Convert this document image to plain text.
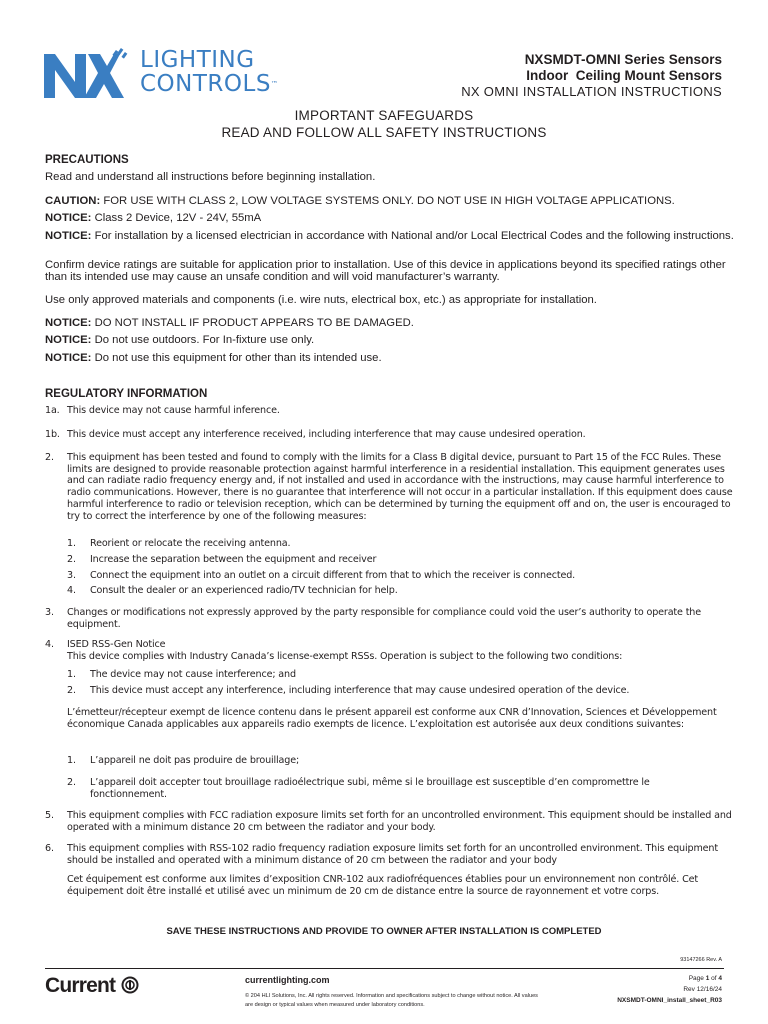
LIGHTING
CONTROLS™
NXSMDT-OMNI Series Sensors
Indoor  Ceiling Mount Sensors
NX OMNI INSTALLATION INSTRUCTIONS
IMPORTANT SAFEGUARDS
READ AND FOLLOW ALL SAFETY INSTRUCTIONS
PRECAUTIONS
Read and understand all instructions before beginning installation.
CAUTION: FOR USE WITH CLASS 2, LOW VOLTAGE SYSTEMS ONLY. DO NOT USE IN HIGH VOLTAGE APPLICATIONS.
NOTICE: Class 2 Device, 12V - 24V, 55mA
NOTICE: For installation by a licensed electrician in accordance with National and/or Local Electrical Codes and the following instructions.
Confirm device ratings are suitable for application prior to installation. Use of this device in applications beyond its specified ratings other than its intended use may cause an unsafe condition and will void manufacturer’s warranty.
Use only approved materials and components (i.e. wire nuts, electrical box, etc.) as appropriate for installation.
NOTICE: DO NOT INSTALL IF PRODUCT APPEARS TO BE DAMAGED.
NOTICE: Do not use outdoors. For In-fixture use only.
NOTICE: Do not use this equipment for other than its intended use.
REGULATORY INFORMATION
1a. This device may not cause harmful inference.
1b. This device must accept any interference received, including interference that may cause undesired operation.
2. This equipment has been tested and found to comply with the limits for a Class B digital device, pursuant to Part 15 of the FCC Rules. These limits are designed to provide reasonable protection against harmful interference in a residential installation. This equipment generates uses and can radiate radio frequency energy and, if not installed and used in accordance with the instructions, may cause harmful interference to radio communications. However, there is no guarantee that interference will not occur in a particular installation. If this equipment does cause harmful interference to radio or television reception, which can be determined by turning the equipment off and on, the user is encouraged to try to correct the interference by one of the following measures:
1. Reorient or relocate the receiving antenna.
2. Increase the separation between the equipment and receiver
3. Connect the equipment into an outlet on a circuit different from that to which the receiver is connected.
4. Consult the dealer or an experienced radio/TV technician for help.
3. Changes or modifications not expressly approved by the party responsible for compliance could void the user’s authority to operate the equipment.
4. ISED RSS-Gen Notice
This device complies with Industry Canada’s license-exempt RSSs. Operation is subject to the following two conditions:
1. The device may not cause interference; and
2. This device must accept any interference, including interference that may cause undesired operation of the device.
L’émetteur/récepteur exempt de licence contenu dans le présent appareil est conforme aux CNR d’Innovation, Sciences et Développement économique Canada applicables aux appareils radio exempts de licence. L’exploitation est autorisée aux deux conditions suivantes:
1. L’appareil ne doit pas produire de brouillage;
2. L’appareil doit accepter tout brouillage radioélectrique subi, même si le brouillage est susceptible d’en compromettre le fonctionnement.
5. This equipment complies with FCC radiation exposure limits set forth for an uncontrolled environment. This equipment should be installed and operated with a minimum distance 20 cm between the radiator and your body.
6. This equipment complies with RSS-102 radio frequency radiation exposure limits set forth for an uncontrolled environment. This equipment should be installed and operated with a minimum distance of 20 cm between the radiator and your body
Cet équipement est conforme aux limites d’exposition CNR-102 aux radiofréquences établies pour un environnement non contrôlé. Cet équipement doit être installé et utilisé avec un minimum de 20 cm de distance entre la source de rayonnement et votre corps.
SAVE THESE INSTRUCTIONS AND PROVIDE TO OWNER AFTER INSTALLATION IS COMPLETED
93147266 Rev. A
Current	currentlighting.com
© 204 HLI Solutions, Inc. All rights reserved. Information and specifications subject to change without notice. All values are design or typical values when measured under laboratory conditions.
Page 1 of 4
Rev 12/16/24
NXSMDT-OMNI_install_sheet_R03
